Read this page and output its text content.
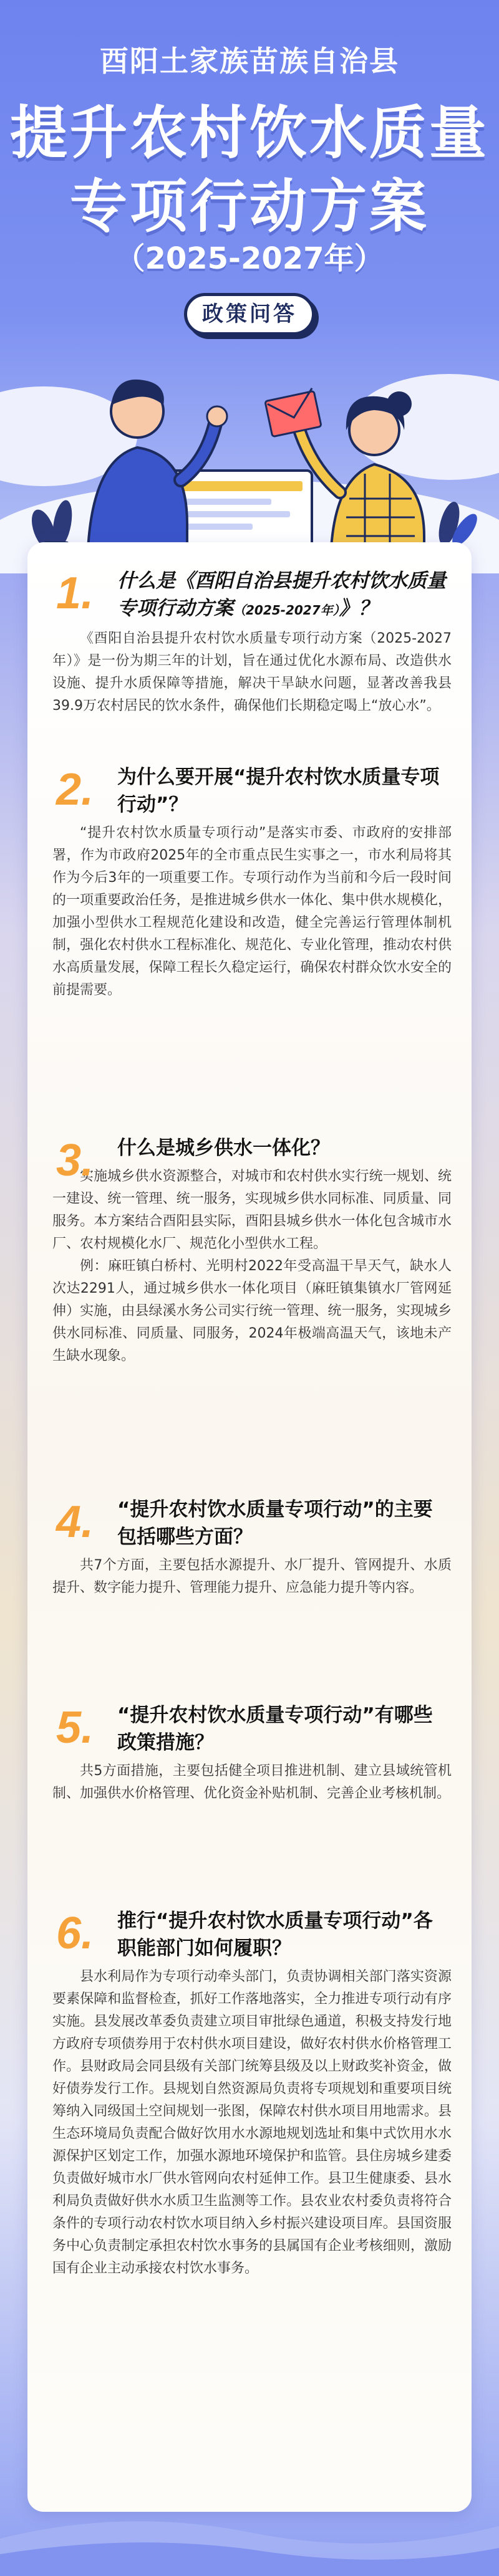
酉阳土家族苗族自治县
提升农村饮水质量
专项行动方案
（2025-2027年）
政策问答
1. 什么是《酉阳自治县提升农村饮水质量专项行动方案（2025-2027年）》？

《酉阳自治县提升农村饮水质量专项行动方案（2025-2027年）》是一份为期三年的计划，旨在通过优化水源布局、改造供水设施、提升水质保障等措施，解决干旱缺水问题，显著改善我县39.9万农村居民的饮水条件，确保他们长期稳定喝上“放心水”。

2. 为什么要开展“提升农村饮水质量专项行动”？

“提升农村饮水质量专项行动”是落实市委、市政府的安排部署，作为市政府2025年的全市重点民生实事之一，市水利局将其作为今后3年的一项重要工作。专项行动作为当前和今后一段时间的一项重要政治任务，是推进城乡供水一体化、集中供水规模化，加强小型供水工程规范化建设和改造，健全完善运行管理体制机制，强化农村供水工程标准化、规范化、专业化管理，推动农村供水高质量发展，保障工程长久稳定运行，确保农村群众饮水安全的前提需要。

3. 什么是城乡供水一体化？

实施城乡供水资源整合，对城市和农村供水实行统一规划、统一建设、统一管理、统一服务，实现城乡供水同标准、同质量、同服务。本方案结合酉阳县实际，酉阳县城乡供水一体化包含城市水厂、农村规模化水厂、规范化小型供水工程。

例：麻旺镇白桥村、光明村2022年受高温干旱天气，缺水人次达2291人，通过城乡供水一体化项目（麻旺镇集镇水厂管网延伸）实施，由县绿溪水务公司实行统一管理、统一服务，实现城乡供水同标准、同质量、同服务，2024年极端高温天气，该地未产生缺水现象。

4. “提升农村饮水质量专项行动”的主要包括哪些方面？

共7个方面，主要包括水源提升、水厂提升、管网提升、水质提升、数字能力提升、管理能力提升、应急能力提升等内容。

5. “提升农村饮水质量专项行动”有哪些政策措施？

共5方面措施，主要包括健全项目推进机制、建立县域统管机制、加强供水价格管理、优化资金补贴机制、完善企业考核机制。

6. 推行“提升农村饮水质量专项行动”各职能部门如何履职？

县水利局作为专项行动牵头部门，负责协调相关部门落实资源要素保障和监督检查，抓好工作落地落实，全力推进专项行动有序实施。县发展改革委负责建立项目审批绿色通道，积极支持发行地方政府专项债券用于农村供水项目建设，做好农村供水价格管理工作。县财政局会同县级有关部门统筹县级及以上财政奖补资金，做好债券发行工作。县规划自然资源局负责将专项规划和重要项目统筹纳入同级国土空间规划一张图，保障农村供水项目用地需求。县生态环境局负责配合做好饮用水水源地规划选址和集中式饮用水水源保护区划定工作，加强水源地环境保护和监管。县住房城乡建委负责做好城市水厂供水管网向农村延伸工作。县卫生健康委、县水利局负责做好供水水质卫生监测等工作。县农业农村委负责将符合条件的专项行动农村饮水项目纳入乡村振兴建设项目库。县国资服务中心负责制定承担农村饮水事务的县属国有企业考核细则，激励国有企业主动承接农村饮水事务。
